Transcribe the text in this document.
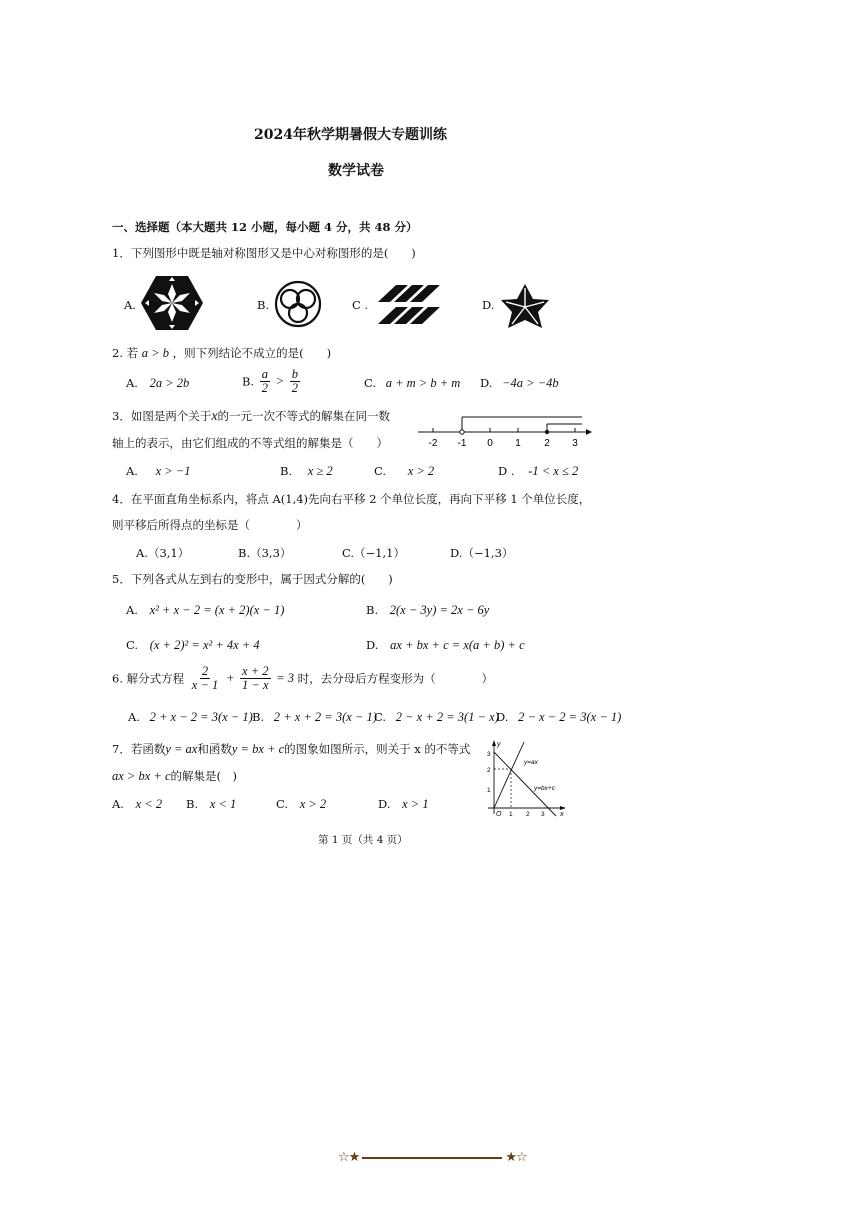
2024年秋学期暑假大专题训练
数学试卷
一、选择题（本大题共 12 小题，每小题 4 分，共 48 分）
1．下列图形中既是轴对称图形又是中心对称图形的是(　　)
A.	B.	C .	D.
2. 若 a > b ，则下列结论不成立的是(　　)
A. 2a > 2b	B. $\frac{a}{2} > \frac{b}{2}$	C. a + m > b + m D. −4a > −4b
3．如图是两个关于x的一元一次不等式的解集在同一数
轴上的表示，由它们组成的不等式组的解集是（　　）	-2 -1 0 1 2 3
A. x > −1	B. x ≥ 2	C. x > 2	D . -1 < x ≤ 2
4．在平面直角坐标系内，将点 A(1,4)先向右平移 2 个单位长度，再向下平移 1 个单位长度，
则平移后所得点的坐标是（　　　　）
A.（3,1）	B.（3,3）	C.（−1,1）	D.（−1,3）
5．下列各式从左到右的变形中，属于因式分解的(　　)
A. x² + x − 2 = (x + 2)(x − 1)	B. 2(x − 3y) = 2x − 6y
C. (x + 2)² = x² + 4x + 4	D. ax + bx + c = x(a + b) + c
6. 解分式方程 $\frac{2}{x - 1} + \frac{x + 2}{1 - x} = 3$ 时，去分母后方程变形为（　　　　）
A. 2 + x − 2 = 3(x − 1) B. 2 + x + 2 = 3(x − 1)
C. 2 − x + 2 = 3(1 − x)
D. 2 − x − 2 = 3(x − 1)
7．若函数y = ax和函数y = bx + c的图象如图所示，则关于 x 的不等式
ax > bx + c的解集是(　)
A. x < 2 B. x < 1	C. x > 2	D. x > 1
y
x
O 1 2 3
1
2
3
y=ax
y=bx+c
第 1 页（共 4 页）
☆★	★☆
